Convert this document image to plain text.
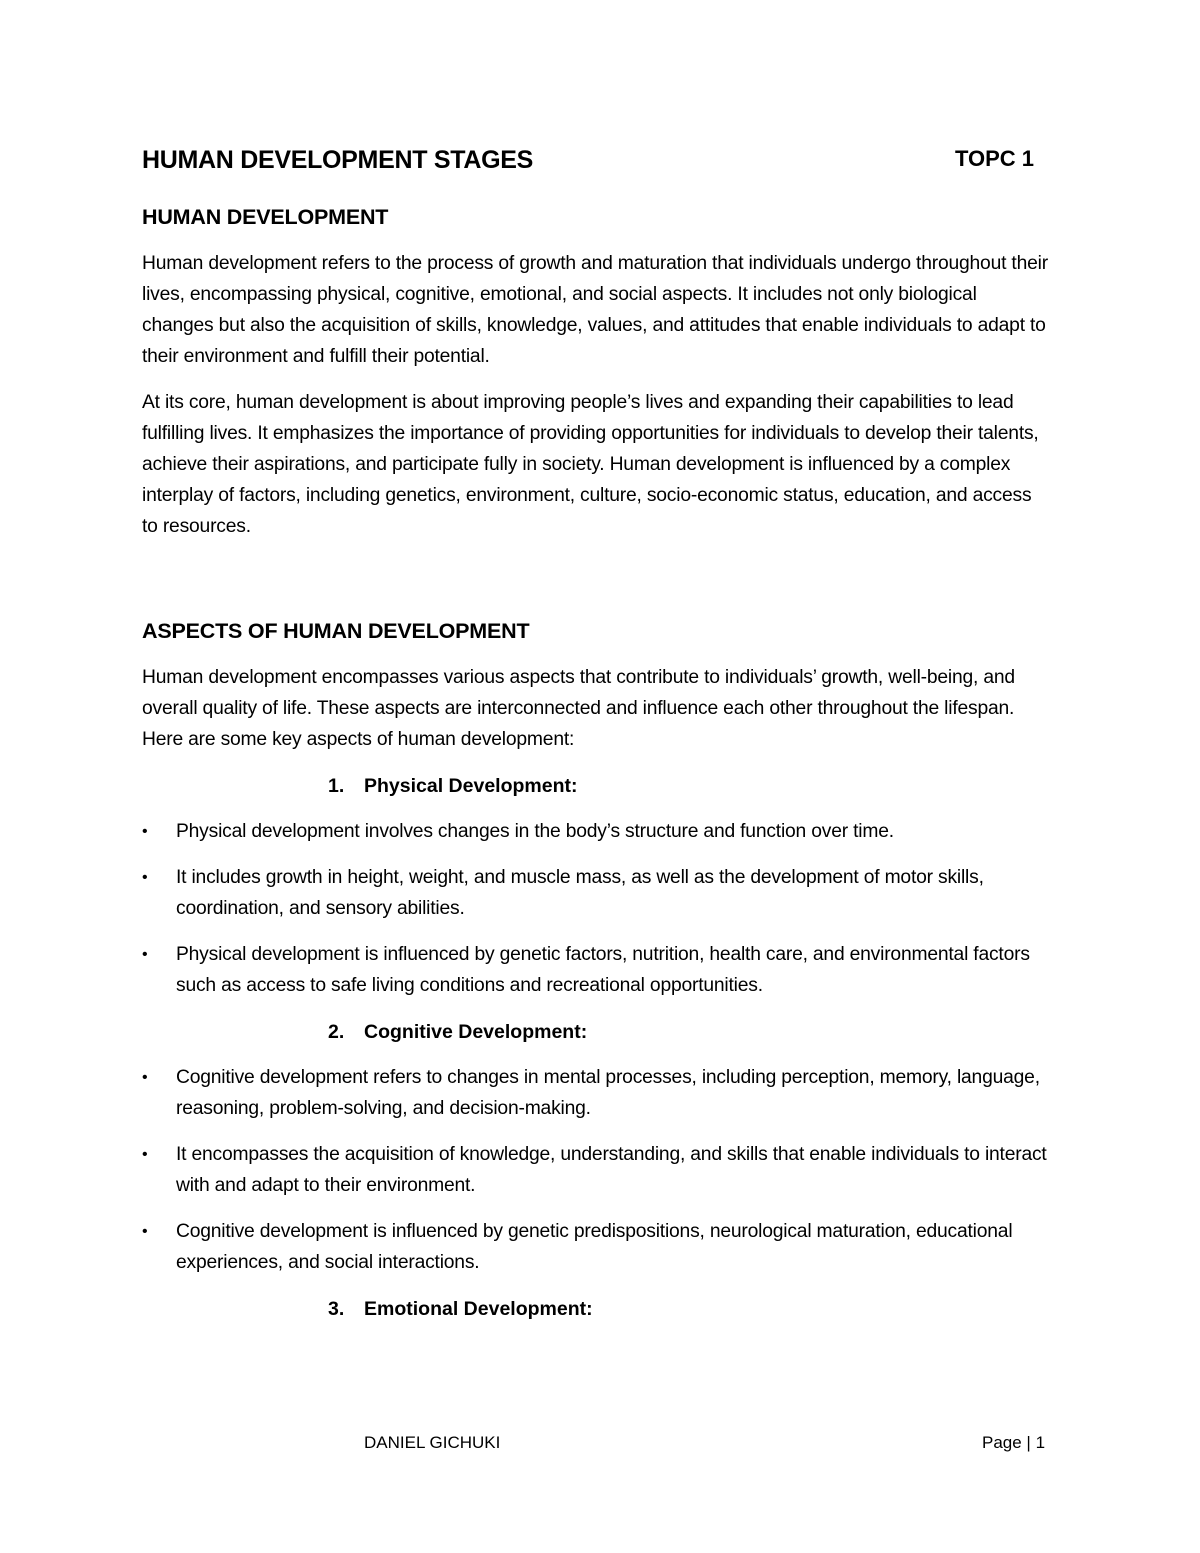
HUMAN DEVELOPMENT STAGES	TOPC 1
HUMAN DEVELOPMENT

Human development refers to the process of growth and maturation that individuals undergo throughout their lives, encompassing physical, cognitive, emotional, and social aspects. It includes not only biological changes but also the acquisition of skills, knowledge, values, and attitudes that enable individuals to adapt to their environment and fulfill their potential.

At its core, human development is about improving people’s lives and expanding their capabilities to lead fulfilling lives. It emphasizes the importance of providing opportunities for individuals to develop their talents, achieve their aspirations, and participate fully in society. Human development is influenced by a complex interplay of factors, including genetics, environment, culture, socio-economic status, education, and access to resources.

ASPECTS OF HUMAN DEVELOPMENT

Human development encompasses various aspects that contribute to individuals’ growth, well-being, and overall quality of life. These aspects are interconnected and influence each other throughout the lifespan. Here are some key aspects of human development:

1. Physical Development:
• Physical development involves changes in the body’s structure and function over time.
• It includes growth in height, weight, and muscle mass, as well as the development of motor skills, coordination, and sensory abilities.
• Physical development is influenced by genetic factors, nutrition, health care, and environmental factors such as access to safe living conditions and recreational opportunities.
2. Cognitive Development:
• Cognitive development refers to changes in mental processes, including perception, memory, language, reasoning, problem-solving, and decision-making.
• It encompasses the acquisition of knowledge, understanding, and skills that enable individuals to interact with and adapt to their environment.
• Cognitive development is influenced by genetic predispositions, neurological maturation, educational experiences, and social interactions.
3. Emotional Development:
DANIEL GICHUKI	Page | 1
